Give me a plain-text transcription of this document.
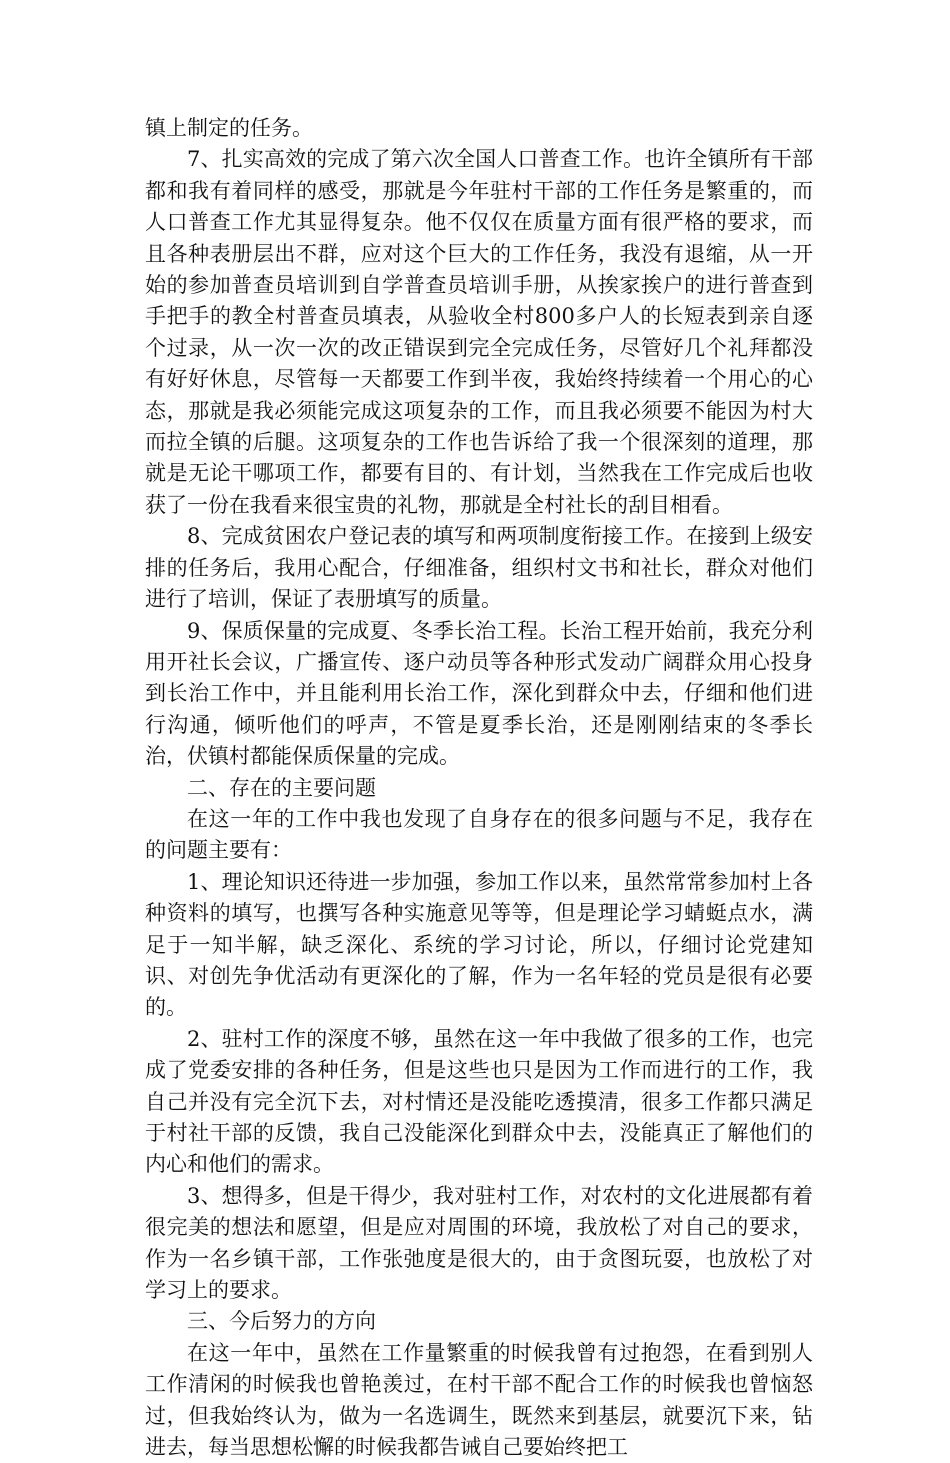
镇上制定的任务。

7、扎实高效的完成了第六次全国人口普查工作。也许全镇所有干部都和我有着同样的感受，那就是今年驻村干部的工作任务是繁重的，而人口普查工作尤其显得复杂。他不仅仅在质量方面有很严格的要求，而且各种表册层出不群，应对这个巨大的工作任务，我没有退缩，从一开始的参加普查员培训到自学普查员培训手册，从挨家挨户的进行普查到手把手的教全村普查员填表，从验收全村800多户人的长短表到亲自逐个过录，从一次一次的改正错误到完全完成任务，尽管好几个礼拜都没有好好休息，尽管每一天都要工作到半夜，我始终持续着一个用心的心态，那就是我必须能完成这项复杂的工作，而且我必须要不能因为村大而拉全镇的后腿。这项复杂的工作也告诉给了我一个很深刻的道理，那就是无论干哪项工作，都要有目的、有计划，当然我在工作完成后也收获了一份在我看来很宝贵的礼物，那就是全村社长的刮目相看。

8、完成贫困农户登记表的填写和两项制度衔接工作。在接到上级安排的任务后，我用心配合，仔细准备，组织村文书和社长，群众对他们进行了培训，保证了表册填写的质量。

9、保质保量的完成夏、冬季长治工程。长治工程开始前，我充分利用开社长会议，广播宣传、逐户动员等各种形式发动广阔群众用心投身到长治工作中，并且能利用长治工作，深化到群众中去，仔细和他们进行沟通，倾听他们的呼声，不管是夏季长治，还是刚刚结束的冬季长治，伏镇村都能保质保量的完成。

二、存在的主要问题

在这一年的工作中我也发现了自身存在的很多问题与不足，我存在的问题主要有：

1、理论知识还待进一步加强，参加工作以来，虽然常常参加村上各种资料的填写，也撰写各种实施意见等等，但是理论学习蜻蜓点水，满足于一知半解，缺乏深化、系统的学习讨论，所以，仔细讨论党建知识、对创先争优活动有更深化的了解，作为一名年轻的党员是很有必要的。

2、驻村工作的深度不够，虽然在这一年中我做了很多的工作，也完成了党委安排的各种任务，但是这些也只是因为工作而进行的工作，我自己并没有完全沉下去，对村情还是没能吃透摸清，很多工作都只满足于村社干部的反馈，我自己没能深化到群众中去，没能真正了解他们的内心和他们的需求。

3、想得多，但是干得少，我对驻村工作，对农村的文化进展都有着很完美的想法和愿望，但是应对周围的环境，我放松了对自己的要求，作为一名乡镇干部，工作张弛度是很大的，由于贪图玩耍，也放松了对学习上的要求。

三、今后努力的方向

在这一年中，虽然在工作量繁重的时候我曾有过抱怨，在看到别人工作清闲的时候我也曾艳羡过，在村干部不配合工作的时候我也曾恼怒过，但我始终认为，做为一名选调生，既然来到基层，就要沉下来，钻进去，每当思想松懈的时候我都告诫自己要始终把工
